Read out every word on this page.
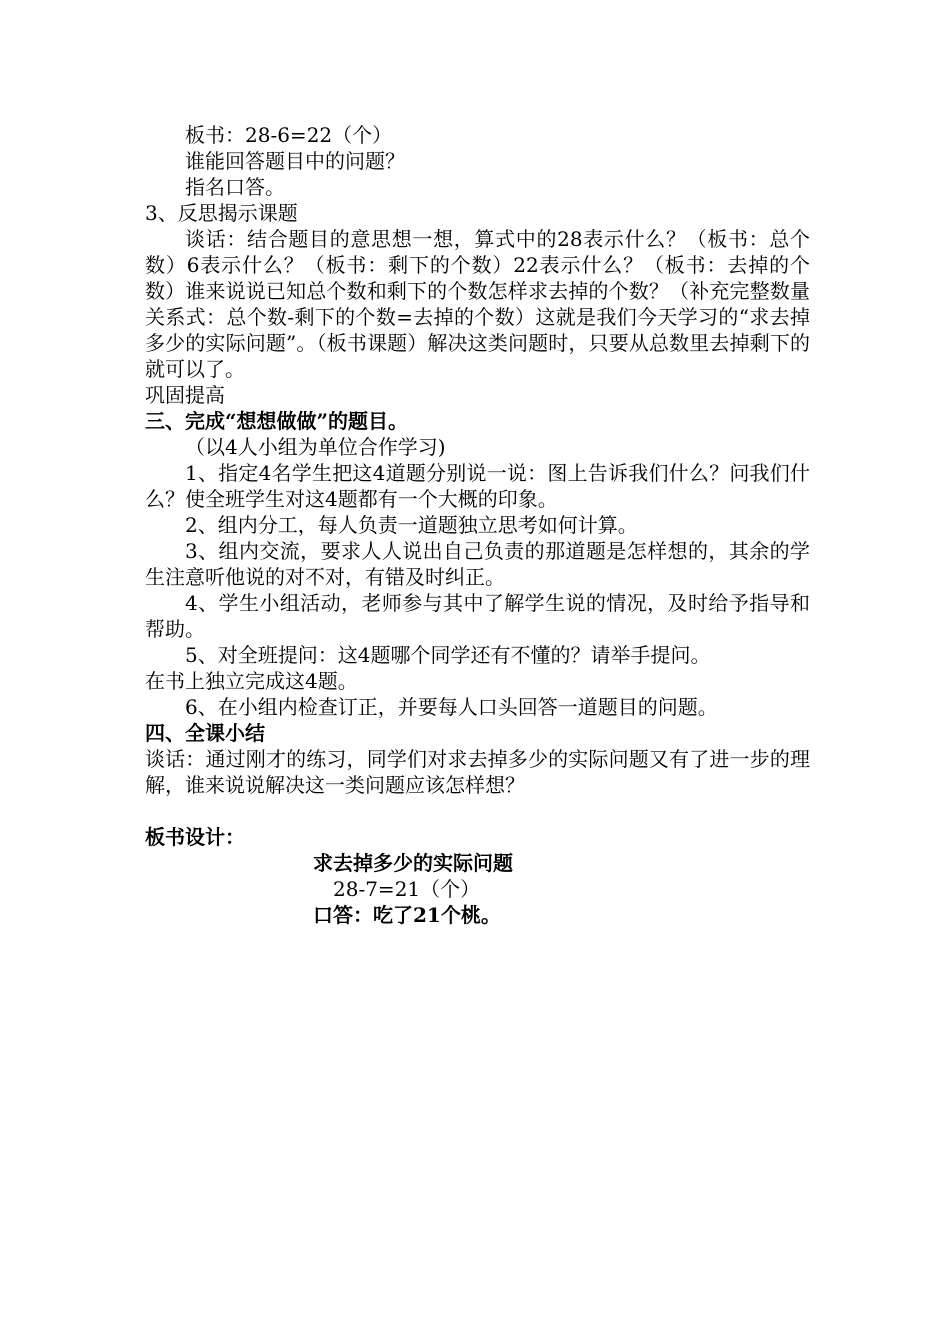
板书：28-6=22（个）

谁能回答题目中的问题？

指名口答。

3、反思揭示课题

谈话：结合题目的意思想一想，算式中的28表示什么？（板书：总个数）6表示什么？（板书：剩下的个数）22表示什么？（板书：去掉的个数）谁来说说已知总个数和剩下的个数怎样求去掉的个数？（补充完整数量关系式：总个数-剩下的个数=去掉的个数）这就是我们今天学习的“求去掉多少的实际问题”。（板书课题）解决这类问题时，只要从总数里去掉剩下的就可以了。

巩固提高

三、完成“想想做做”的题目。

（以4人小组为单位合作学习)

1、指定4名学生把这4道题分别说一说：图上告诉我们什么？问我们什么？使全班学生对这4题都有一个大概的印象。

2、组内分工，每人负责一道题独立思考如何计算。

3、组内交流，要求人人说出自己负责的那道题是怎样想的，其余的学生注意听他说的对不对，有错及时纠正。

4、学生小组活动，老师参与其中了解学生说的情况，及时给予指导和帮助。

5、对全班提问：这4题哪个同学还有不懂的？请举手提问。

在书上独立完成这4题。

6、在小组内检查订正，并要每人口头回答一道题目的问题。

四、全课小结

谈话：通过刚才的练习，同学们对求去掉多少的实际问题又有了进一步的理解，谁来说说解决这一类问题应该怎样想？

板书设计：

求去掉多少的实际问题

28-7=21（个）

口答：吃了21个桃。
